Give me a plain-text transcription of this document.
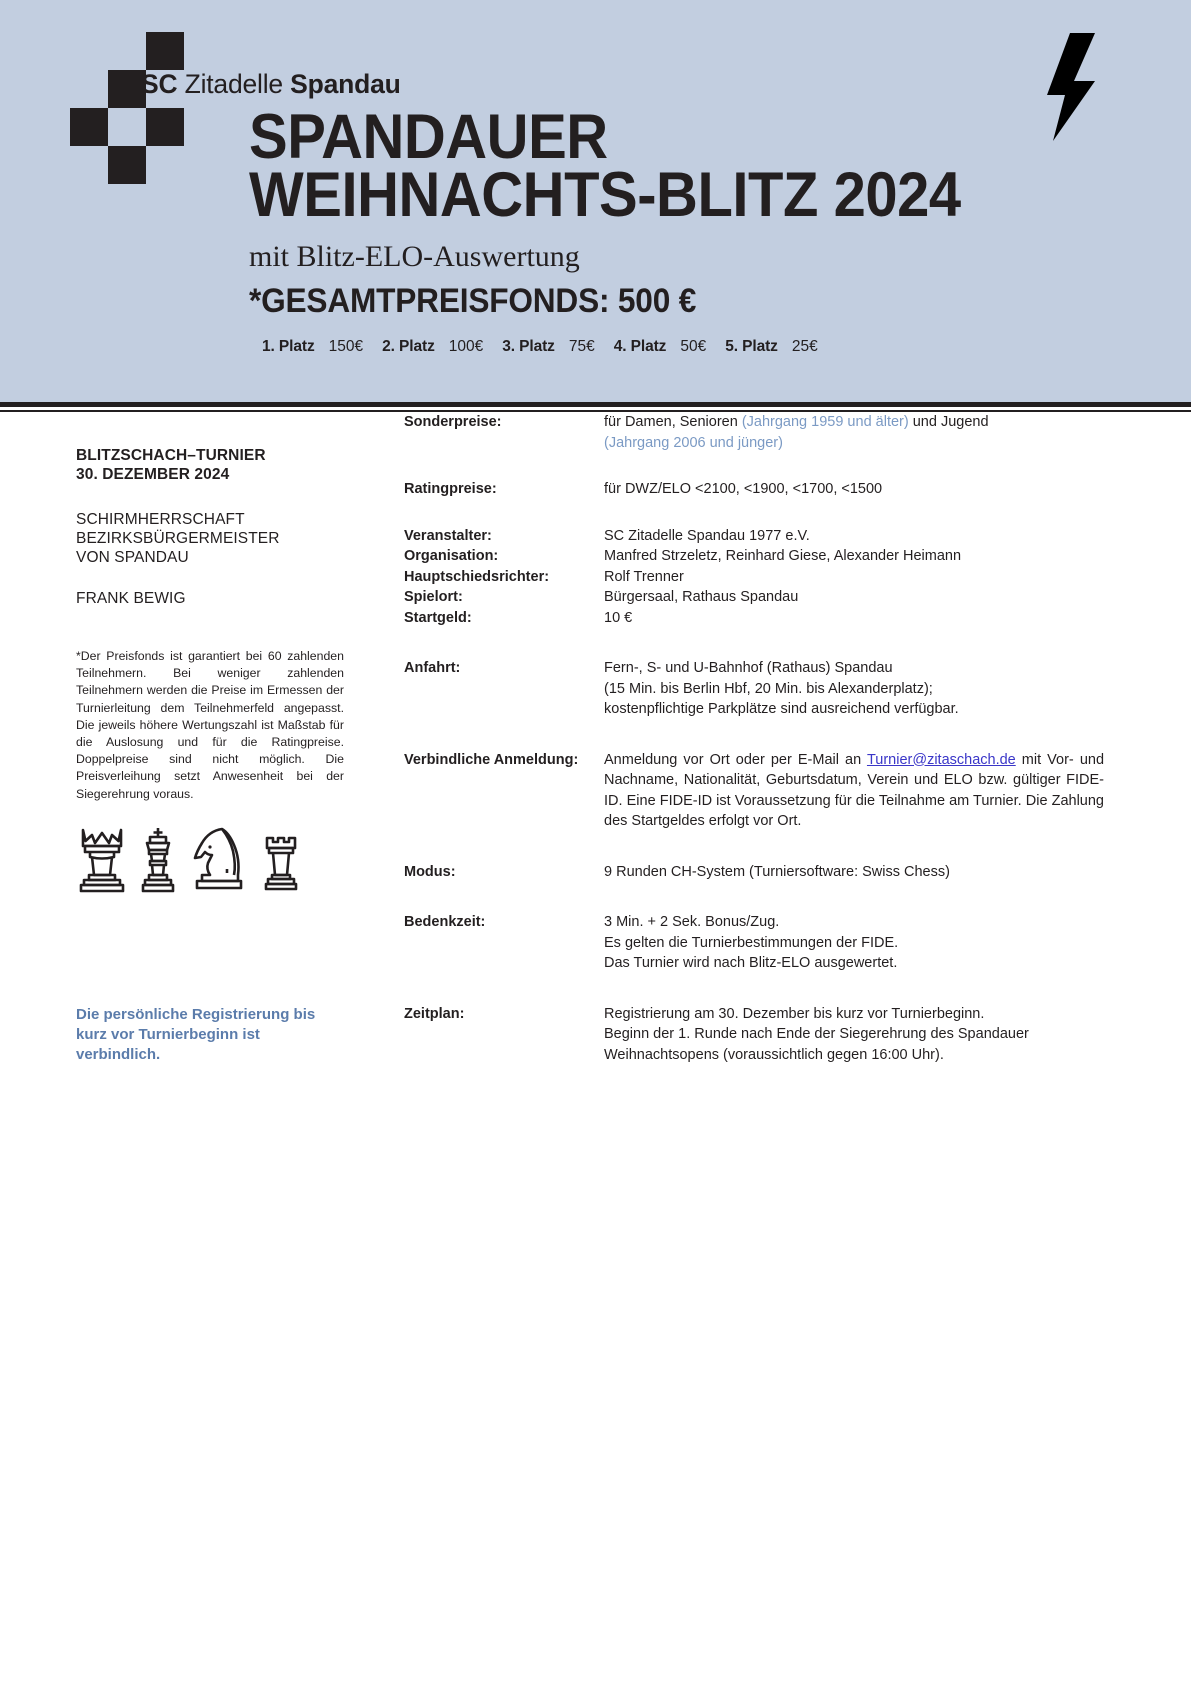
SC Zitadelle Spandau
SPANDAUER
WEIHNACHTS-BLITZ 2024
mit Blitz-ELO-Auswertung
*GESAMTPREISFONDS: 500 €
1. Platz 150€ 2. Platz 100€ 3. Platz 75€ 4. Platz 50€ 5. Platz 25€
BLITZSCHACH–TURNIER
30. DEZEMBER 2024
SCHIRMHERRSCHAFT
BEZIRKSBÜRGERMEISTER
VON SPANDAU
FRANK BEWIG
*Der Preisfonds ist garantiert bei 60 zahlenden Teilnehmern. Bei weniger zahlenden Teilnehmern werden die Preise im Ermessen der Turnierleitung dem Teilnehmerfeld angepasst. Die jeweils höhere Wertungszahl ist Maßstab für die Auslosung und für die Ratingpreise. Doppelpreise sind nicht möglich. Die Preisverleihung setzt Anwesenheit bei der Siegerehrung voraus.
Die persönliche Registrierung bis kurz vor Turnierbeginn ist verbindlich.
Sonderpreise:	für Damen, Senioren (Jahrgang 1959 und älter) und Jugend
(Jahrgang 2006 und jünger)
Ratingpreise:	für DWZ/ELO <2100, <1900, <1700, <1500
Veranstalter:	SC Zitadelle Spandau 1977 e.V.
Organisation:	Manfred Strzeletz, Reinhard Giese, Alexander Heimann
Hauptschiedsrichter:	Rolf Trenner
Spielort:	Bürgersaal, Rathaus Spandau
Startgeld:	10 €
Anfahrt:	Fern-, S- und U-Bahnhof (Rathaus) Spandau
(15 Min. bis Berlin Hbf, 20 Min. bis Alexanderplatz);
kostenpflichtige Parkplätze sind ausreichend verfügbar.
Verbindliche Anmeldung:	Anmeldung vor Ort oder per E-Mail an Turnier@zitaschach.de mit Vor- und Nachname, Nationalität, Geburtsdatum, Verein und ELO bzw. gültiger FIDE-ID. Eine FIDE-ID ist Voraussetzung für die Teilnahme am Turnier. Die Zahlung des Startgeldes erfolgt vor Ort.
Modus:	9 Runden CH-System (Turniersoftware: Swiss Chess)
Bedenkzeit:	3 Min. + 2 Sek. Bonus/Zug.
Es gelten die Turnierbestimmungen der FIDE.
Das Turnier wird nach Blitz-ELO ausgewertet.
Zeitplan:	Registrierung am 30. Dezember bis kurz vor Turnierbeginn.
Beginn der 1. Runde nach Ende der Siegerehrung des Spandauer
Weihnachtsopens (voraussichtlich gegen 16:00 Uhr).
